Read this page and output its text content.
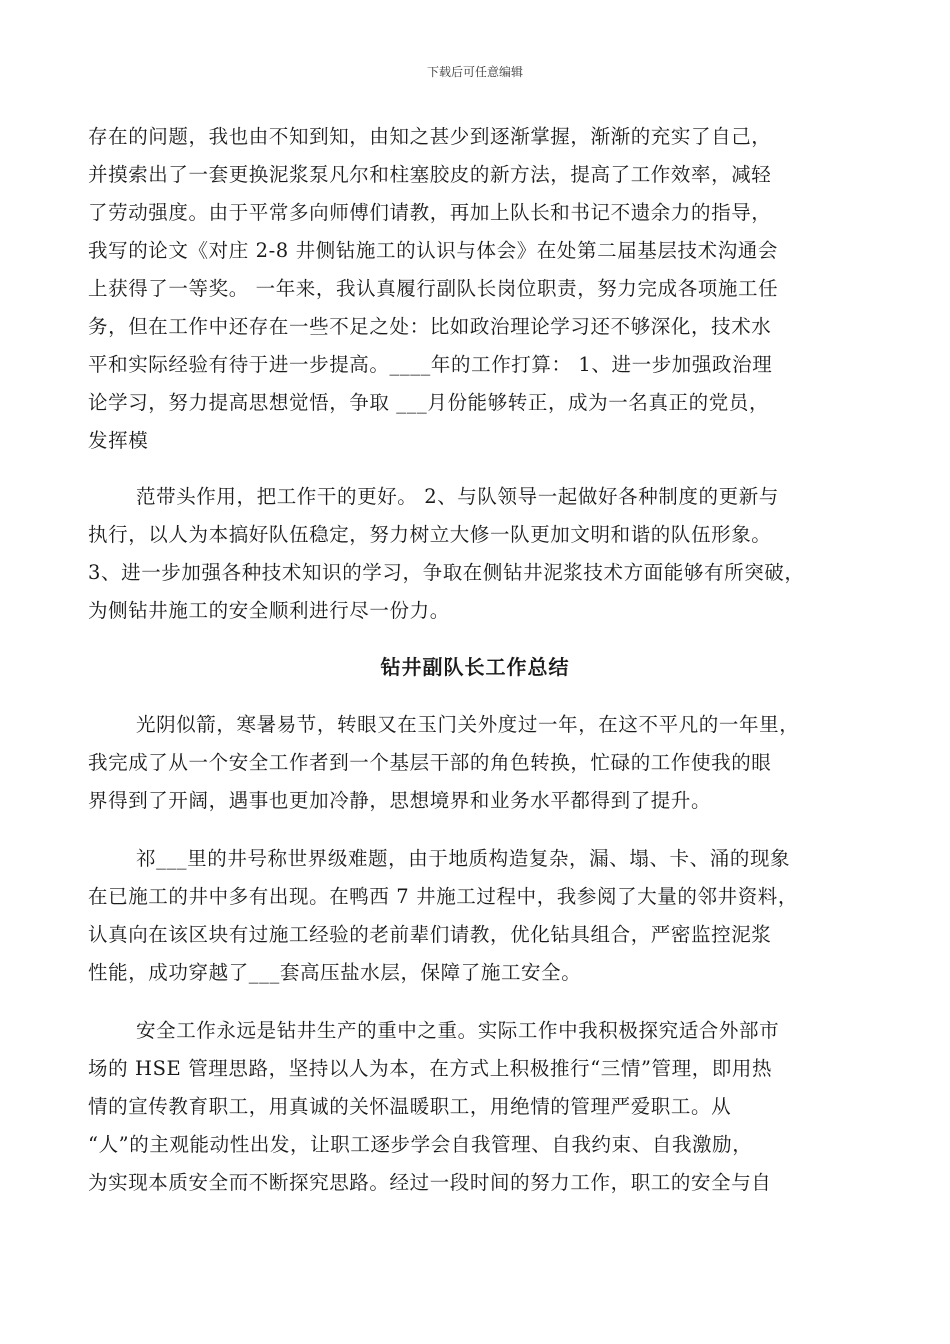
下载后可任意编辑
存在的问题，我也由不知到知，由知之甚少到逐渐掌握，渐渐的充实了自己，
并摸索出了一套更换泥浆泵凡尔和柱塞胶皮的新方法，提高了工作效率，减轻
了劳动强度。由于平常多向师傅们请教，再加上队长和书记不遗余力的指导，
我写的论文《对庄 2-8 井侧钻施工的认识与体会》在处第二届基层技术沟通会
上获得了一等奖。 一年来，我认真履行副队长岗位职责，努力完成各项施工任
务，但在工作中还存在一些不足之处：比如政治理论学习还不够深化，技术水
平和实际经验有待于进一步提高。____年的工作打算： 1、进一步加强政治理
论学习，努力提高思想觉悟，争取 ___月份能够转正，成为一名真正的党员，
发挥模
范带头作用，把工作干的更好。 2、与队领导一起做好各种制度的更新与
执行，以人为本搞好队伍稳定，努力树立大修一队更加文明和谐的队伍形象。
3、进一步加强各种技术知识的学习，争取在侧钻井泥浆技术方面能够有所突破，
为侧钻井施工的安全顺利进行尽一份力。
钻井副队长工作总结
光阴似箭，寒暑易节，转眼又在玉门关外度过一年，在这不平凡的一年里，
我完成了从一个安全工作者到一个基层干部的角色转换，忙碌的工作使我的眼
界得到了开阔，遇事也更加冷静，思想境界和业务水平都得到了提升。
祁___里的井号称世界级难题，由于地质构造复杂，漏、塌、卡、涌的现象
在已施工的井中多有出现。在鸭西 7 井施工过程中，我参阅了大量的邻井资料，
认真向在该区块有过施工经验的老前辈们请教，优化钻具组合，严密监控泥浆
性能，成功穿越了___套高压盐水层，保障了施工安全。
安全工作永远是钻井生产的重中之重。实际工作中我积极探究适合外部市
场的 HSE 管理思路，坚持以人为本，在方式上积极推行“三情”管理，即用热
情的宣传教育职工，用真诚的关怀温暖职工，用绝情的管理严爱职工。从
“人”的主观能动性出发，让职工逐步学会自我管理、自我约束、自我激励，
为实现本质安全而不断探究思路。经过一段时间的努力工作，职工的安全与自
